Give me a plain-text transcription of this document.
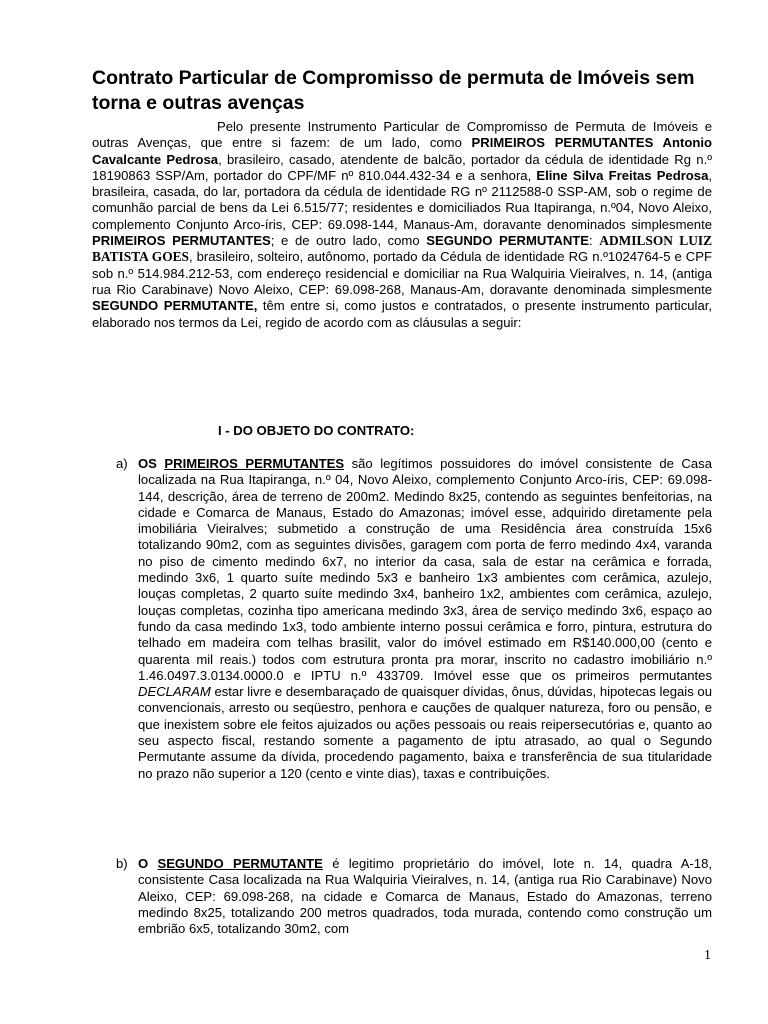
Contrato Particular de Compromisso de permuta de Imóveis sem torna e outras avenças

Pelo presente Instrumento Particular de Compromisso de Permuta de Imóveis e outras Avenças, que entre si fazem: de um lado, como PRIMEIROS PERMUTANTES Antonio Cavalcante Pedrosa, brasileiro, casado, atendente de balcão, portador da cédula de identidade Rg n.º 18190863 SSP/Am, portador do CPF/MF nº 810.044.432-34 e a senhora, Eline Silva Freitas Pedrosa, brasileira, casada, do lar, portadora da cédula de identidade RG nº 2112588-0 SSP-AM, sob o regime de comunhão parcial de bens da Lei 6.515/77; residentes e domiciliados Rua Itapiranga, n.º04, Novo Aleixo, complemento Conjunto Arco-íris, CEP: 69.098-144, Manaus-Am, doravante denominados simplesmente PRIMEIROS PERMUTANTES; e de outro lado, como SEGUNDO PERMUTANTE: ADMILSON LUIZ BATISTA GOES, brasileiro, solteiro, autônomo, portado da Cédula de identidade RG n.º1024764-5 e CPF sob n.º 514.984.212-53, com endereço residencial e domiciliar na Rua Walquiria Vieiralves, n. 14, (antiga rua Rio Carabinave) Novo Aleixo, CEP: 69.098-268, Manaus-Am, doravante denominada simplesmente SEGUNDO PERMUTANTE, têm entre si, como justos e contratados, o presente instrumento particular, elaborado nos termos da Lei, regido de acordo com as cláusulas a seguir:

I - DO OBJETO DO CONTRATO:

a) OS PRIMEIROS PERMUTANTES são legítimos possuidores do imóvel consistente de Casa localizada na Rua Itapiranga, n.º 04, Novo Aleixo, complemento Conjunto Arco-íris, CEP: 69.098-144, descrição, área de terreno de 200m2. Medindo 8x25, contendo as seguintes benfeitorias, na cidade e Comarca de Manaus, Estado do Amazonas; imóvel esse, adquirido diretamente pela imobiliária Vieiralves; submetido a construção de uma Residência área construída 15x6 totalizando 90m2, com as seguintes divisões, garagem com porta de ferro medindo 4x4, varanda no piso de cimento medindo 6x7, no interior da casa, sala de estar na cerâmica e forrada, medindo 3x6, 1 quarto suíte medindo 5x3 e banheiro 1x3 ambientes com cerâmica, azulejo, louças completas, 2 quarto suíte medindo 3x4, banheiro 1x2, ambientes com cerâmica, azulejo, louças completas, cozinha tipo americana medindo 3x3, área de serviço medindo 3x6, espaço ao fundo da casa medindo 1x3, todo ambiente interno possui cerâmica e forro, pintura, estrutura do telhado em madeira com telhas brasilit, valor do imóvel estimado em R$140.000,00 (cento e quarenta mil reais.) todos com estrutura pronta pra morar, inscrito no cadastro imobiliário n.º 1.46.0497.3.0134.0000.0 e IPTU n.º 433709. Imóvel esse que os primeiros permutantes DECLARAM estar livre e desembaraçado de quaisquer dívidas, ônus, dúvidas, hipotecas legais ou convencionais, arresto ou seqüestro, penhora e cauções de qualquer natureza, foro ou pensão, e que inexistem sobre ele feitos ajuizados ou ações pessoais ou reais reipersecutórias e, quanto ao seu aspecto fiscal, restando somente a pagamento de iptu atrasado, ao qual o Segundo Permutante assume da dívida, procedendo pagamento, baixa e transferência de sua titularidade no prazo não superior a 120 (cento e vinte dias), taxas e contribuições.
b) O SEGUNDO PERMUTANTE é legitimo proprietário do imóvel, lote n. 14, quadra A-18, consistente Casa localizada na Rua Walquiria Vieiralves, n. 14, (antiga rua Rio Carabinave) Novo Aleixo, CEP: 69.098-268, na cidade e Comarca de Manaus, Estado do Amazonas, terreno medindo 8x25, totalizando 200 metros quadrados, toda murada, contendo como construção um embrião 6x5, totalizando 30m2, com
1
